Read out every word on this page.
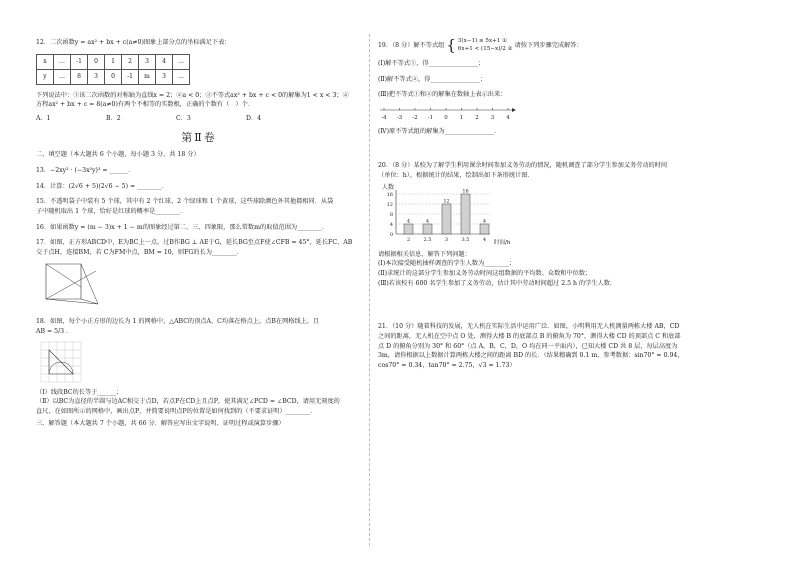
12．二次函数y = ax² + bx + c(a≠0)图象上部分点的坐标满足下表：

x	…	-1	0	1	2	3	4	…
y	…	8	3	0	-1	m	3	…

下列说法中：①该二次函数的对称轴为直线x = 2；②a < 0；③不等式ax² + bx + c < 0的解集为1 < x < 3；④

方程ax² + bx + c = 8(a≠0)有两个不相等的实数根，正确的个数有（　）个．

A．1	B．2	C．3	D．4
第Ⅱ卷

二、填空题（本大题共 6 个小题，每小题 3 分，共 18 分）

13．−2xy² · (−3x²y)³ = ______．

14．计算：(2√6 + 5)(2√6 − 5) = ________．

15．不透明袋子中装有 5 个球，其中有 2 个红球、2 个绿球和 1 个黄球，这些球除颜色外其他都相同．从袋

子中随机取出 1 个球，恰好是红球的概率是________．

16．如果函数y = (m − 3)x + 1 − m的图象经过第二、三、四象限，那么常数m的取值范围为________．

17．如图，正方形ABCD中，E为BC上一点，过B作BG ⊥ AE于G，延长BG至点F使∠CFB = 45°，延长FC、AB

交于点H，连接BM，若 C为FM中点，BM = 10，则FG的长为________．

18．如图，每个小正方形的边长为 1 的网格中，△ABC的顶点A，C均落在格点上，点B在网格线上，且

AB = 5/3 ．

（Ⅰ）线段BC的长等于______；

（Ⅱ）以BC为直径的半圆与边AC相交于点D，若点P在CD上且点P，使其满足∠PCD = ∠BCD，请用无刻度的

直尺，在如图所示的网格中，画出点P，并简要说明点P的位置是如何找到的（不要求证明）________．

三、解答题（本大题共 7 个小题，共 66 分．解答应写出文字说明、证明过程或演算步骤）

19．（8 分）解不等式组 { 3(x−1) ≤ 5x+1 ①
6x+1 < (15−x)/2 ② 请按下列步骤完成解答：

(Ⅰ)解不等式①，得________________；

(Ⅱ)解不等式②，得________________；

(Ⅲ)把不等式①和②的解集在数轴上表示出来：

-4 -3 -2 -1 0 1 2 3 4

(Ⅳ)原不等式组的解集为________________．

20．（8 分）某校为了解学生利用课余时间参加义务劳动的情况，随机调查了部分学生参加义务劳动的时间

（单位：h），根据统计的结果，绘制出如下条形统计图．

人数
时间/h
16
12
8
4
0
4
2
4
2.5
12
3
16
3.5
4
4

请根据相关信息，解答下列问题：

(Ⅰ)本次接受随机抽样调查的学生人数为________；

(Ⅱ)求统计的这部分学生参加义务劳动时间这组数据的平均数、众数和中位数；

(Ⅲ)若该校有 600 名学生参加了义务劳动，估计其中劳动时间超过 2.5 h 的学生人数．

21．（10 分）随着科技的发展，无人机在实际生活中运用广泛．如图，小明利用无人机测量两栋大楼 AB，CD

之间的距离，无人机在空中点 O 处，测得大楼 B 的底部点 B 的俯角为 70°，测得大楼 CD 的顶部点 C 和底部

点 D 的俯角分别为 30° 和 60°（点 A，B，C，D，O 均在同一平面内），已知大楼 CD 共 8 层，每层高度为

3m，请你根据以上数据计算两栋大楼之间的距离 BD 的长．（结果精确到 0.1 m，参考数据：sin70° ≈ 0.94，

cos70° ≈ 0.34，tan70° ≈ 2.75，√3 ≈ 1.73）
